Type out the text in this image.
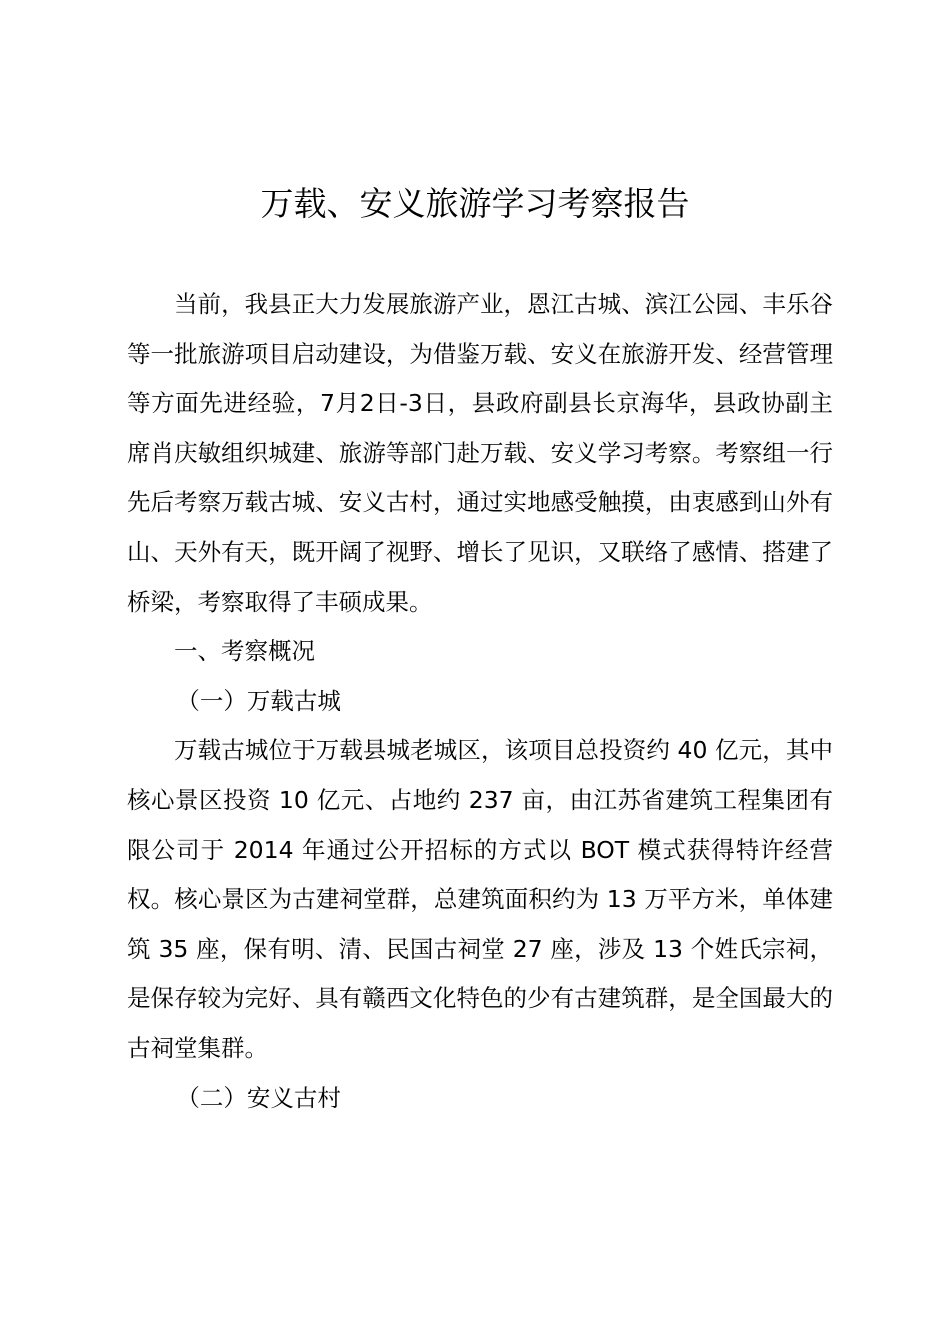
万载、安义旅游学习考察报告

当前，我县正大力发展旅游产业，恩江古城、滨江公园、丰乐谷等一批旅游项目启动建设，为借鉴万载、安义在旅游开发、经营管理等方面先进经验，7月2日-3日，县政府副县长京海华，县政协副主席肖庆敏组织城建、旅游等部门赴万载、安义学习考察。考察组一行先后考察万载古城、安义古村，通过实地感受触摸，由衷感到山外有山、天外有天，既开阔了视野、增长了见识，又联络了感情、搭建了桥梁，考察取得了丰硕成果。

一、考察概况

（一）万载古城

万载古城位于万载县城老城区，该项目总投资约 40 亿元，其中核心景区投资 10 亿元、占地约 237 亩，由江苏省建筑工程集团有限公司于 2014 年通过公开招标的方式以 BOT 模式获得特许经营权。核心景区为古建祠堂群，总建筑面积约为 13 万平方米，单体建筑 35 座，保有明、清、民国古祠堂 27 座，涉及 13 个姓氏宗祠，是保存较为完好、具有赣西文化特色的少有古建筑群，是全国最大的古祠堂集群。

（二）安义古村
